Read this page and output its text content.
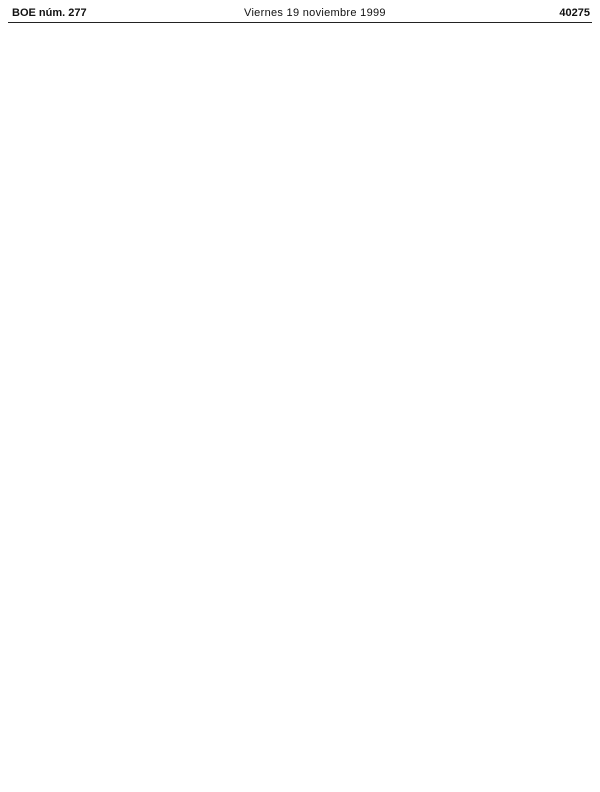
BOE núm. 277	Viernes 19 noviembre 1999	40275
